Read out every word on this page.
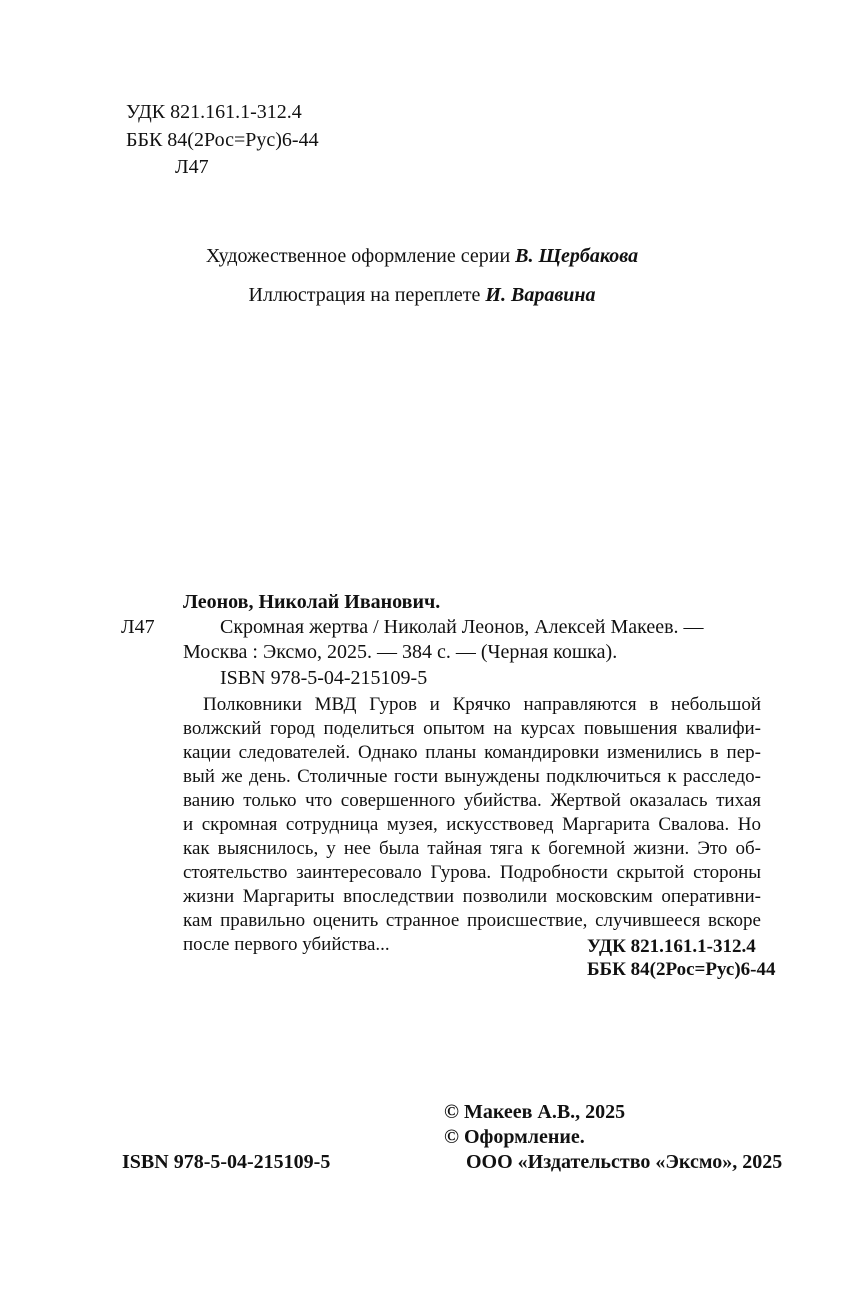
УДК 821.161.1-312.4
ББК 84(2Рос=Рус)6-44
Л47
Художественное оформление серии В. Щербакова
Иллюстрация на переплете И. Варавина
Леонов, Николай Иванович.
Л47	Скромная жертва / Николай Леонов, Алексей Макеев. —
Москва : Эксмо, 2025. — 384 с. — (Черная кошка).
ISBN 978-5-04-215109-5
Полковники МВД Гуров и Крячко направляются в небольшой
волжский город поделиться опытом на курсах повышения квалифи-
кации следователей. Однако планы командировки изменились в пер-
вый же день. Столичные гости вынуждены подключиться к расследо-
ванию только что совершенного убийства. Жертвой оказалась тихая
и скромная сотрудница музея, искусствовед Маргарита Свалова. Но
как выяснилось, у нее была тайная тяга к богемной жизни. Это об-
стоятельство заинтересовало Гурова. Подробности скрытой стороны
жизни Маргариты впоследствии позволили московским оперативни-
кам правильно оценить странное происшествие, случившееся вскоре
после первого убийства...	УДК 821.161.1-312.4
ББК 84(2Рос=Рус)6-44
© Макеев А.В., 2025
© Оформление.
ООО «Издательство «Эксмо», 2025
ISBN 978-5-04-215109-5
